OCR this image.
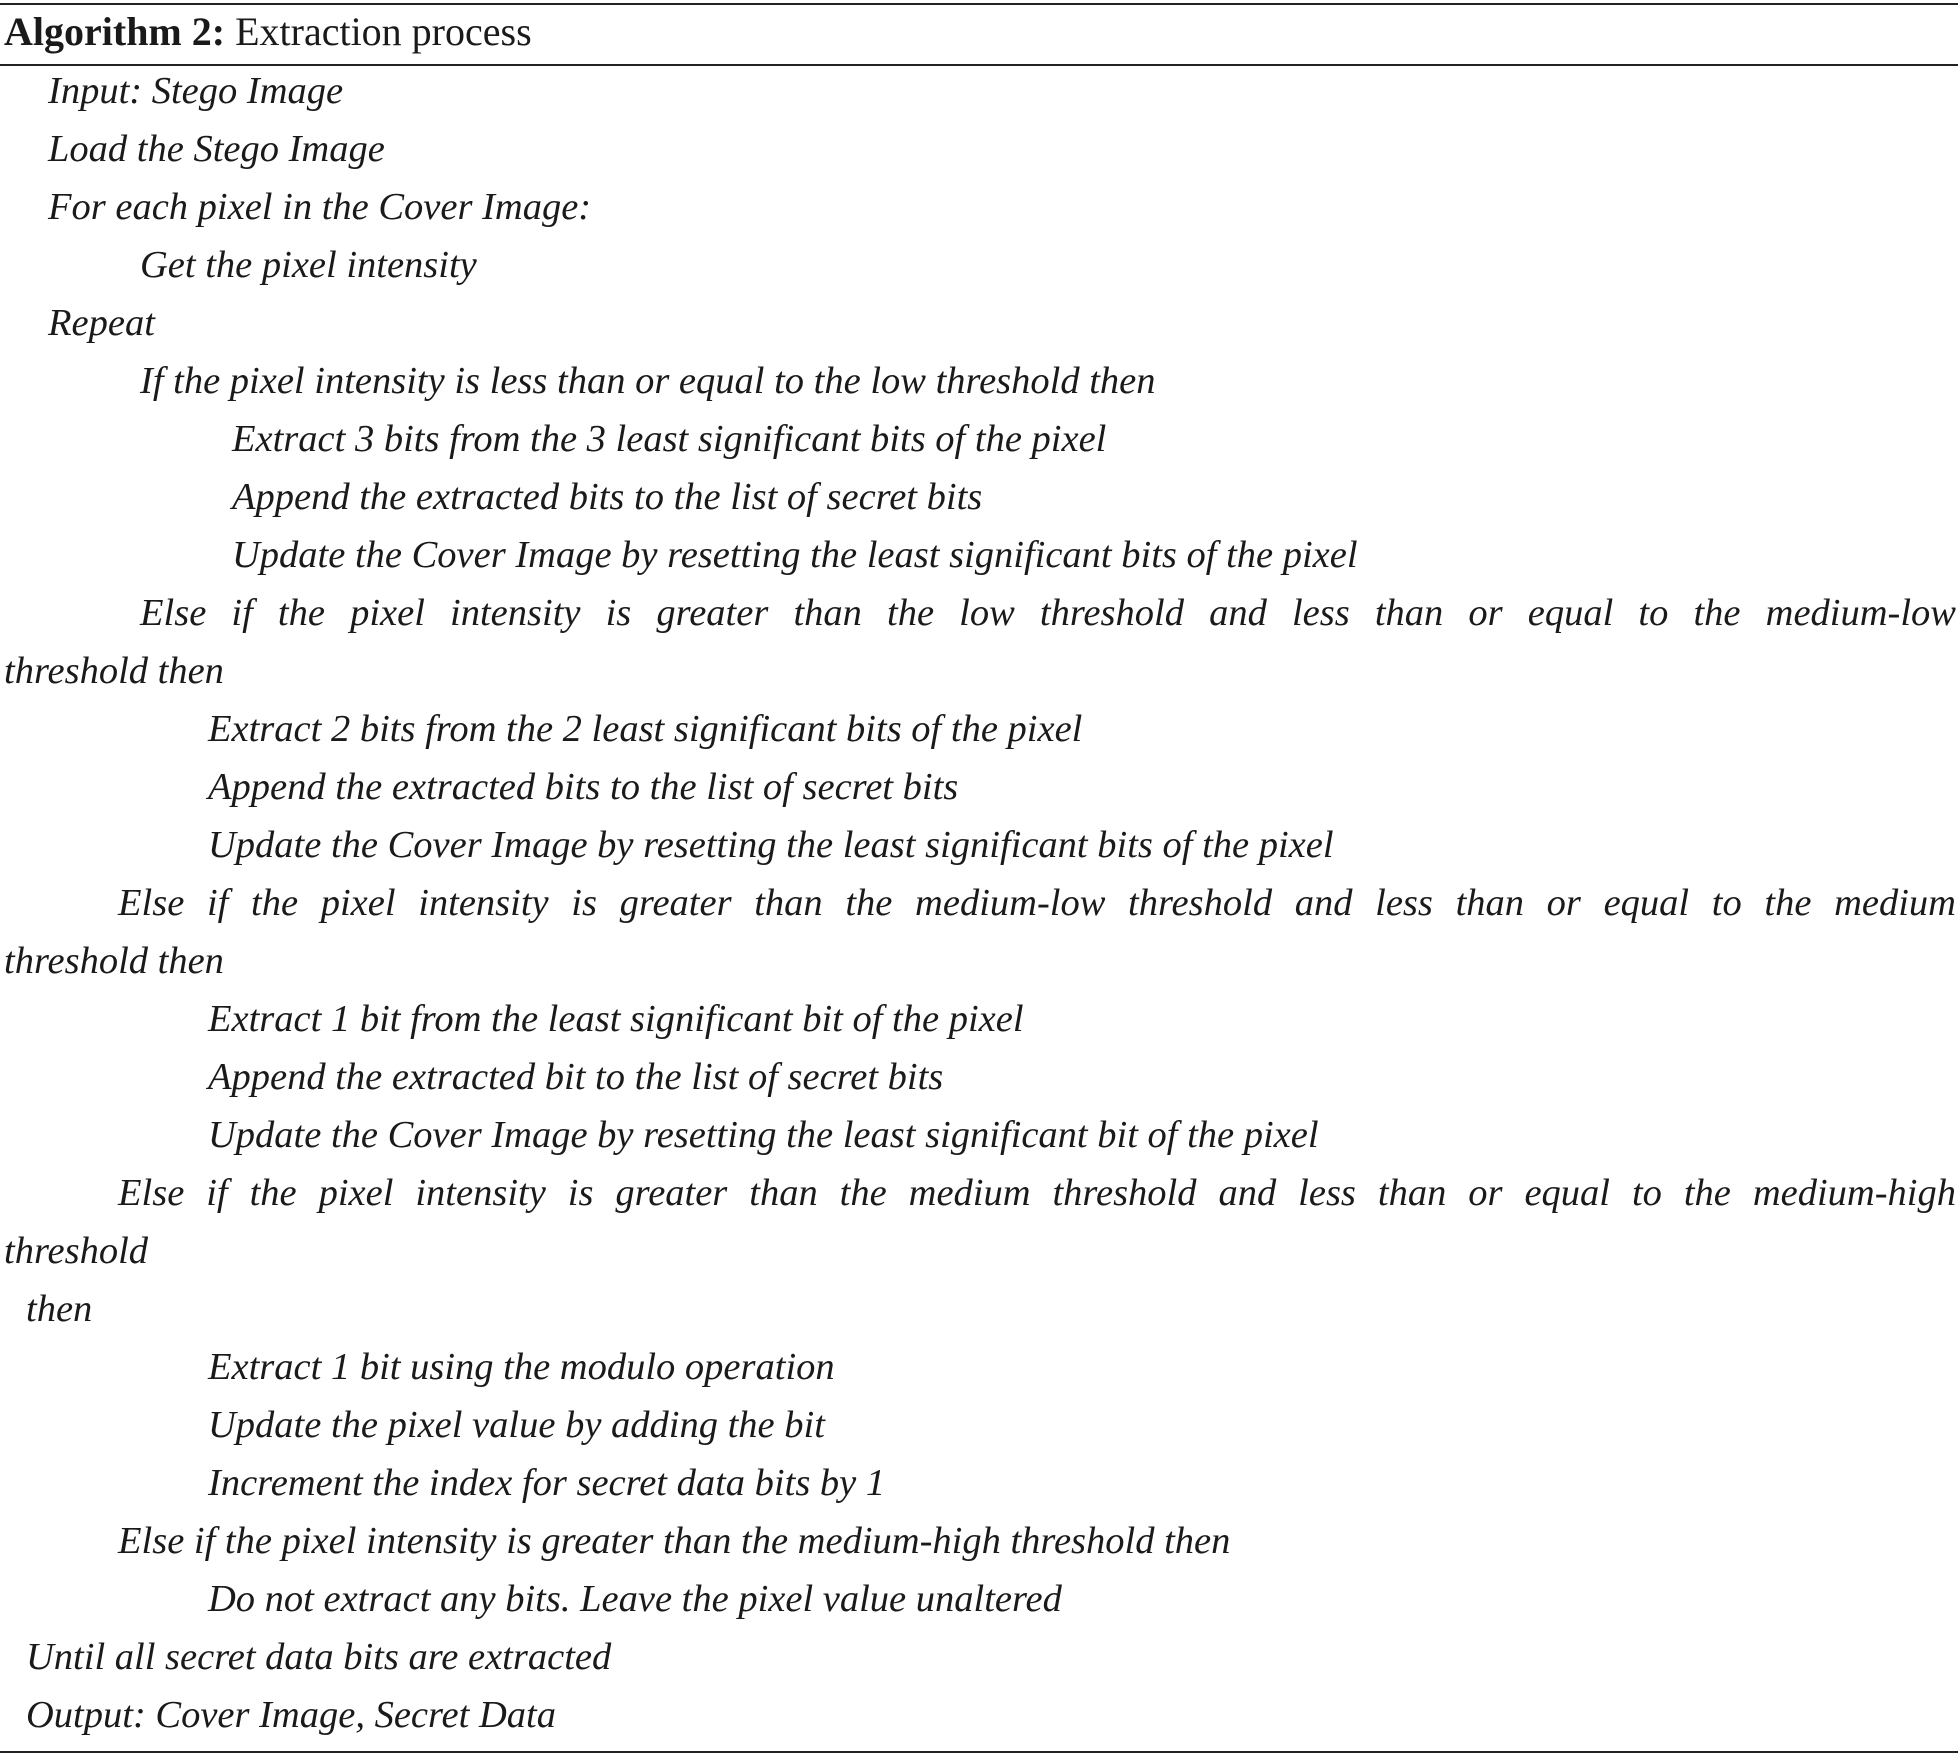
Algorithm 2: Extraction process
Input: Stego Image
Load the Stego Image
For each pixel in the Cover Image:
Get the pixel intensity
Repeat
If the pixel intensity is less than or equal to the low threshold then
Extract 3 bits from the 3 least significant bits of the pixel
Append the extracted bits to the list of secret bits
Update the Cover Image by resetting the least significant bits of the pixel
Else if the pixel intensity is greater than the low threshold and less than or equal to the medium-low
threshold then
Extract 2 bits from the 2 least significant bits of the pixel
Append the extracted bits to the list of secret bits
Update the Cover Image by resetting the least significant bits of the pixel
Else if the pixel intensity is greater than the medium-low threshold and less than or equal to the medium
threshold then
Extract 1 bit from the least significant bit of the pixel
Append the extracted bit to the list of secret bits
Update the Cover Image by resetting the least significant bit of the pixel
Else if the pixel intensity is greater than the medium threshold and less than or equal to the medium-high
threshold
then
Extract 1 bit using the modulo operation
Update the pixel value by adding the bit
Increment the index for secret data bits by 1
Else if the pixel intensity is greater than the medium-high threshold then
Do not extract any bits. Leave the pixel value unaltered
Until all secret data bits are extracted
Output: Cover Image, Secret Data
